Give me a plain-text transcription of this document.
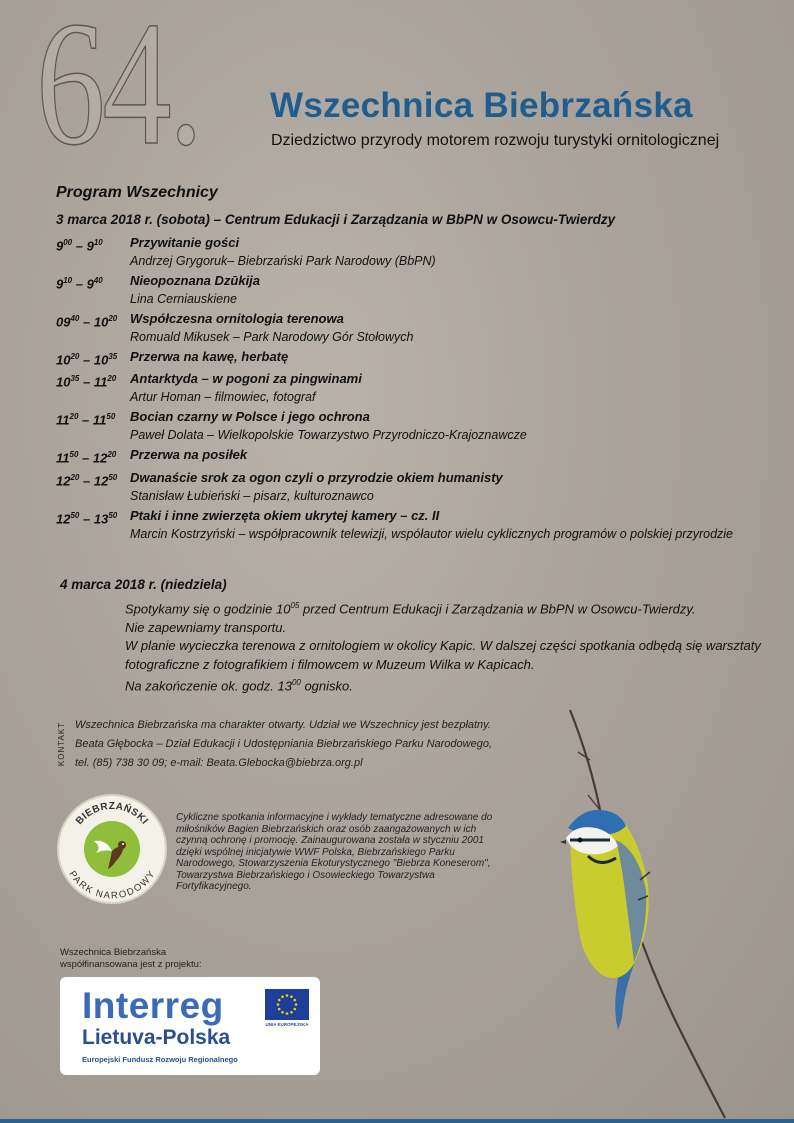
64. Wszechnica Biebrzańska
Dziedzictwo przyrody motorem rozwoju turystyki ornitologicznej
Program Wszechnicy
3 marca 2018 r. (sobota) – Centrum Edukacji i Zarządzania w BbPN w Osowcu-Twierdzy
$9^{00} - 9^{10}$	Przywitanie gości
Andrzej Grygoruk– Biebrzański Park Narodowy (BbPN)
$9^{10} - 9^{40}$	Nieopoznana Dzūkija
Lina Cerniauskiene
$09^{40} - 10^{20}$ Współczesna ornitologia terenowa
Romuald Mikusek – Park Narodowy Gór Stołowych
$10^{20} - 10^{35}$ Przerwa na kawę, herbatę
$10^{35} - 11^{20}$	Antarktyda – w pogoni za pingwinami
Artur Homan – filmowiec, fotograf
$11^{20} - 11^{50}$	Bocian czarny w Polsce i jego ochrona
Paweł Dolata – Wielkopolskie Towarzystwo Przyrodniczo-Krajoznawcze
$11^{50} - 12^{20}$	Przerwa na posiłek
$12^{20} - 12^{50}$ Dwanaście srok za ogon czyli o przyrodzie okiem humanisty
Stanisław Łubieński – pisarz, kulturoznawco
$12^{50} - 13^{50}$ Ptaki i inne zwierzęta okiem ukrytej kamery – cz. II
Marcin Kostrzyński – współpracownik telewizji, współautor wielu cyklicznych programów o polskiej przyrodzie
4 marca 2018 r. (niedziela)
Spotykamy się o godzinie $10^{05}$ przed Centrum Edukacji i Zarządzania w BbPN w Osowcu-Twierdzy.
Nie zapewniamy transportu.
W planie wycieczka terenowa z ornitologiem w okolicy Kapic. W dalszej części spotkania odbędą się warsztaty fotograficzne z fotografikiem i filmowcem w Muzeum Wilka w Kapicach.
Na zakończenie ok. godz. $13^{00}$ ognisko.
KONTAKT Wszechnica Biebrzańska ma charakter otwarty. Udział we Wszechnicy jest bezpłatny.
Beata Głębocka – Dział Edukacji i Udostępniania Biebrzańskiego Parku Narodowego,
tel. (85) 738 30 09; e-mail: Beata.Glebocka@biebrza.org.pl
BIEBRZAŃSKI
PARK NARODOWY
Cykliczne spotkania informacyjne i wykłady tematyczne adresowane do miłośników Bagien Biebrzańskich oraz osób zaangażowanych w ich czynną ochronę i promocję. Zainaugurowana została w styczniu 2001 dzięki wspólnej inicjatywie WWF Polska, Biebrzańskiego Parku Narodowego, Stowarzyszenia Ekoturystycznego "Biebrza Koneserom", Towarzystwa Biebrzańskiego i Osowieckiego Towarzystwa Fortyfikacyjnego.
Wszechnica Biebrzańska
współfinansowana jest z projektu:
Interreg
Lietuva-Polska
Europejski Fundusz Rozwoju Regionalnego
UNIA EUROPEJSKA
